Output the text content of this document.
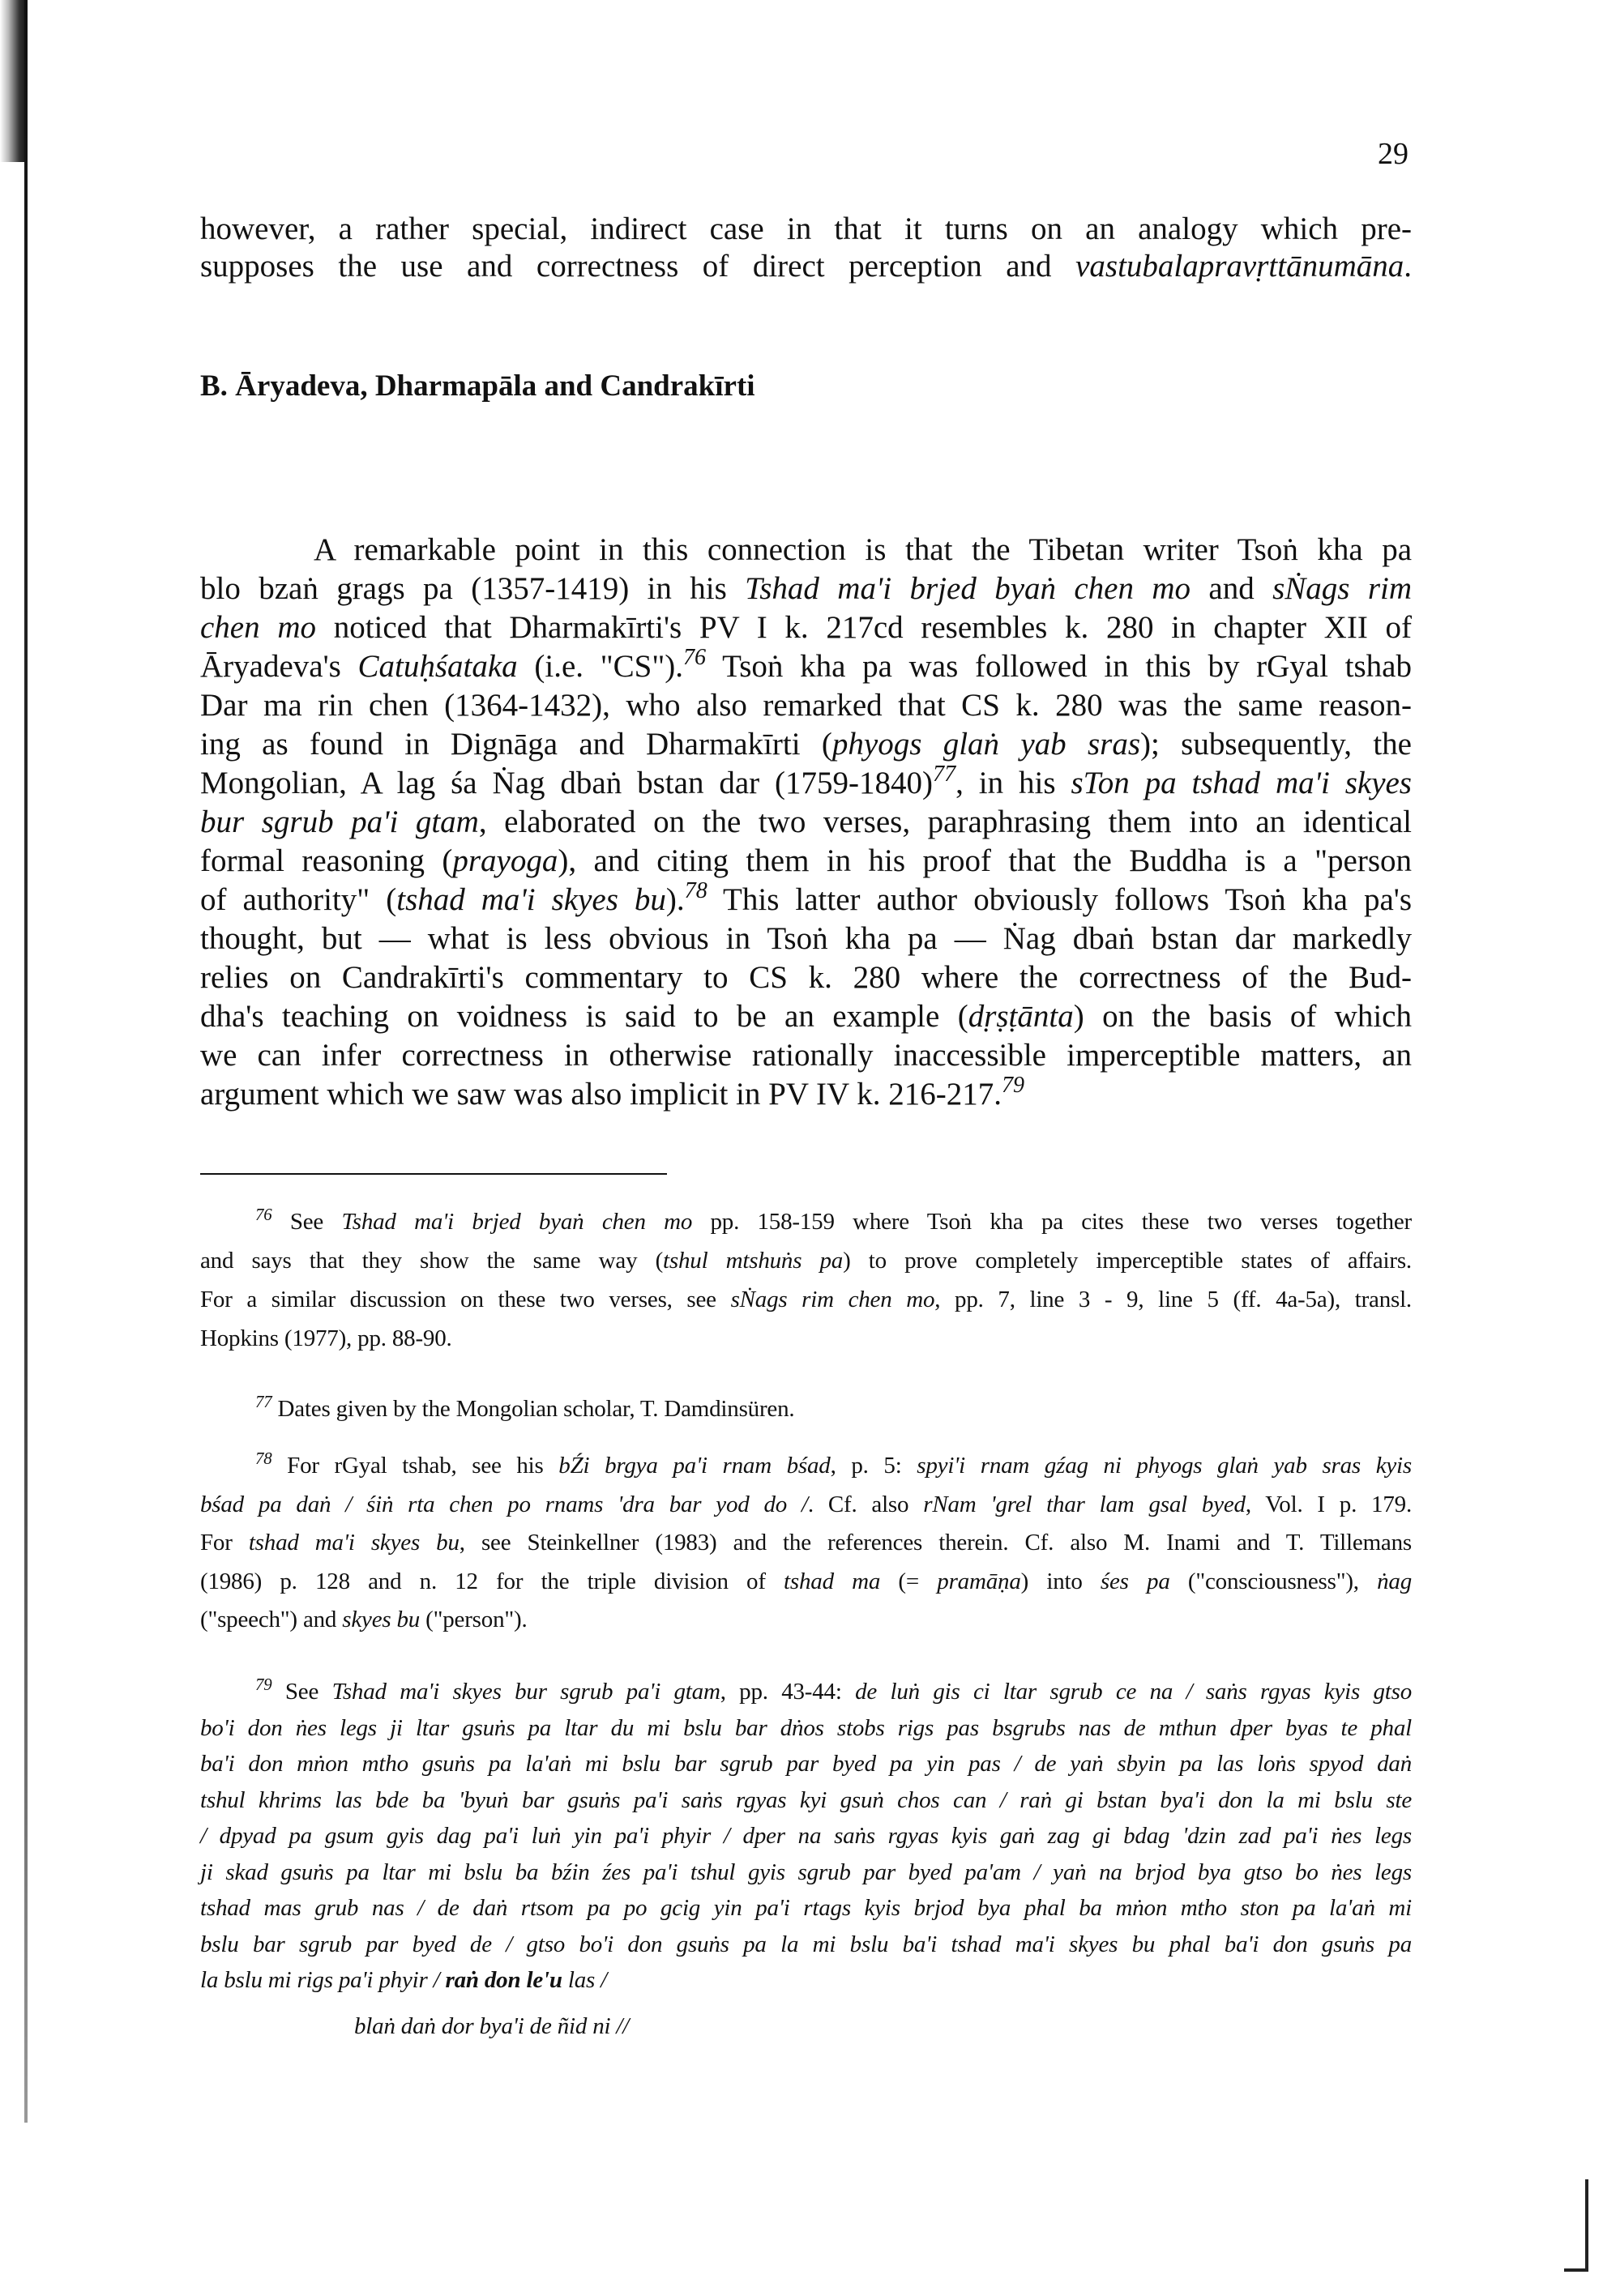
29
B. Āryadeva, Dharmapāla and Candrakīrti
however, a rather special, indirect case in that it turns on an analogy which pre-
supposes the use and correctness of direct perception and vastubalapravṛttānumāna.
A remarkable point in this connection is that the Tibetan writer Tsoṅ kha pa
blo bzaṅ grags pa (1357-1419) in his Tshad ma'i brjed byaṅ chen mo and sṄags rim
chen mo noticed that Dharmakīrti's PV I k. 217cd resembles k. 280 in chapter XII of
Āryadeva's Catuḥśataka (i.e. "CS").$^{76}$ Tsoṅ kha pa was followed in this by rGyal tshab
Dar ma rin chen (1364-1432), who also remarked that CS k. 280 was the same reason-
ing as found in Dignāga and Dharmakīrti (phyogs glaṅ yab sras); subsequently, the
Mongolian, A lag śa Ṅag dbaṅ bstan dar (1759-1840)$^{77}$, in his sTon pa tshad ma'i skyes
bur sgrub pa'i gtam, elaborated on the two verses, paraphrasing them into an identical
formal reasoning (prayoga), and citing them in his proof that the Buddha is a "person
of authority" (tshad ma'i skyes bu).$^{78}$ This latter author obviously follows Tsoṅ kha pa's
thought, but — what is less obvious in Tsoṅ kha pa — Ṅag dbaṅ bstan dar markedly
relies on Candrakīrti's commentary to CS k. 280 where the correctness of the Bud-
dha's teaching on voidness is said to be an example (dṛṣṭānta) on the basis of which
we can infer correctness in otherwise rationally inaccessible imperceptible matters, an
argument which we saw was also implicit in PV IV k. 216-217.79
$^{76}$ See Tshad ma'i brjed byaṅ chen mo pp. 158-159 where Tsoṅ kha pa cites these two verses together
and says that they show the same way (tshul mtshuṅs pa) to prove completely imperceptible states of affairs.
For a similar discussion on these two verses, see sṄags rim chen mo, pp. 7, line 3 - 9, line 5 (ff. 4a-5a), transl.
Hopkins (1977), pp. 88-90.
$^{77}$ Dates given by the Mongolian scholar, T. Damdinsüren.
$^{78}$ For rGyal tshab, see his bŹi brgya pa'i rnam bśad, p. 5: spyi'i rnam gźag ni phyogs glaṅ yab sras kyis
bśad pa daṅ / śiṅ rta chen po rnams 'dra bar yod do /. Cf. also rNam 'grel thar lam gsal byed, Vol. I p. 179.
For tshad ma'i skyes bu, see Steinkellner (1983) and the references therein. Cf. also M. Inami and T. Tillemans
(1986) p. 128 and n. 12 for the triple division of tshad ma (= pramāṇa) into śes pa ("consciousness"), ṅag
("speech") and skyes bu ("person").
$^{79}$ See Tshad ma'i skyes bur sgrub pa'i gtam, pp. 43-44: de luṅ gis ci ltar sgrub ce na / saṅs rgyas kyis gtso
bo'i don ṅes legs ji ltar gsuṅs pa ltar du mi bslu bar dṅos stobs rigs pas bsgrubs nas de mthun dper byas te phal
ba'i don mṅon mtho gsuṅs pa la'aṅ mi bslu bar sgrub par byed pa yin pas / de yaṅ sbyin pa las loṅs spyod daṅ
tshul khrims las bde ba 'byuṅ bar gsuṅs pa'i saṅs rgyas kyi gsuṅ chos can / raṅ gi bstan bya'i don la mi bslu ste
/ dpyad pa gsum gyis dag pa'i luṅ yin pa'i phyir / dper na saṅs rgyas kyis gaṅ zag gi bdag 'dzin zad pa'i ṅes legs
ji skad gsuṅs pa ltar mi bslu ba bźin źes pa'i tshul gyis sgrub par byed pa'am / yaṅ na brjod bya gtso bo ṅes legs
tshad mas grub nas / de daṅ rtsom pa po gcig yin pa'i rtags kyis brjod bya phal ba mṅon mtho ston pa la'aṅ mi
bslu bar sgrub par byed de / gtso bo'i don gsuṅs pa la mi bslu ba'i tshad ma'i skyes bu phal ba'i don gsuṅs pa
la bslu mi rigs pa'i phyir / raṅ don le'u las /
blaṅ daṅ dor bya'i de ñid ni //
